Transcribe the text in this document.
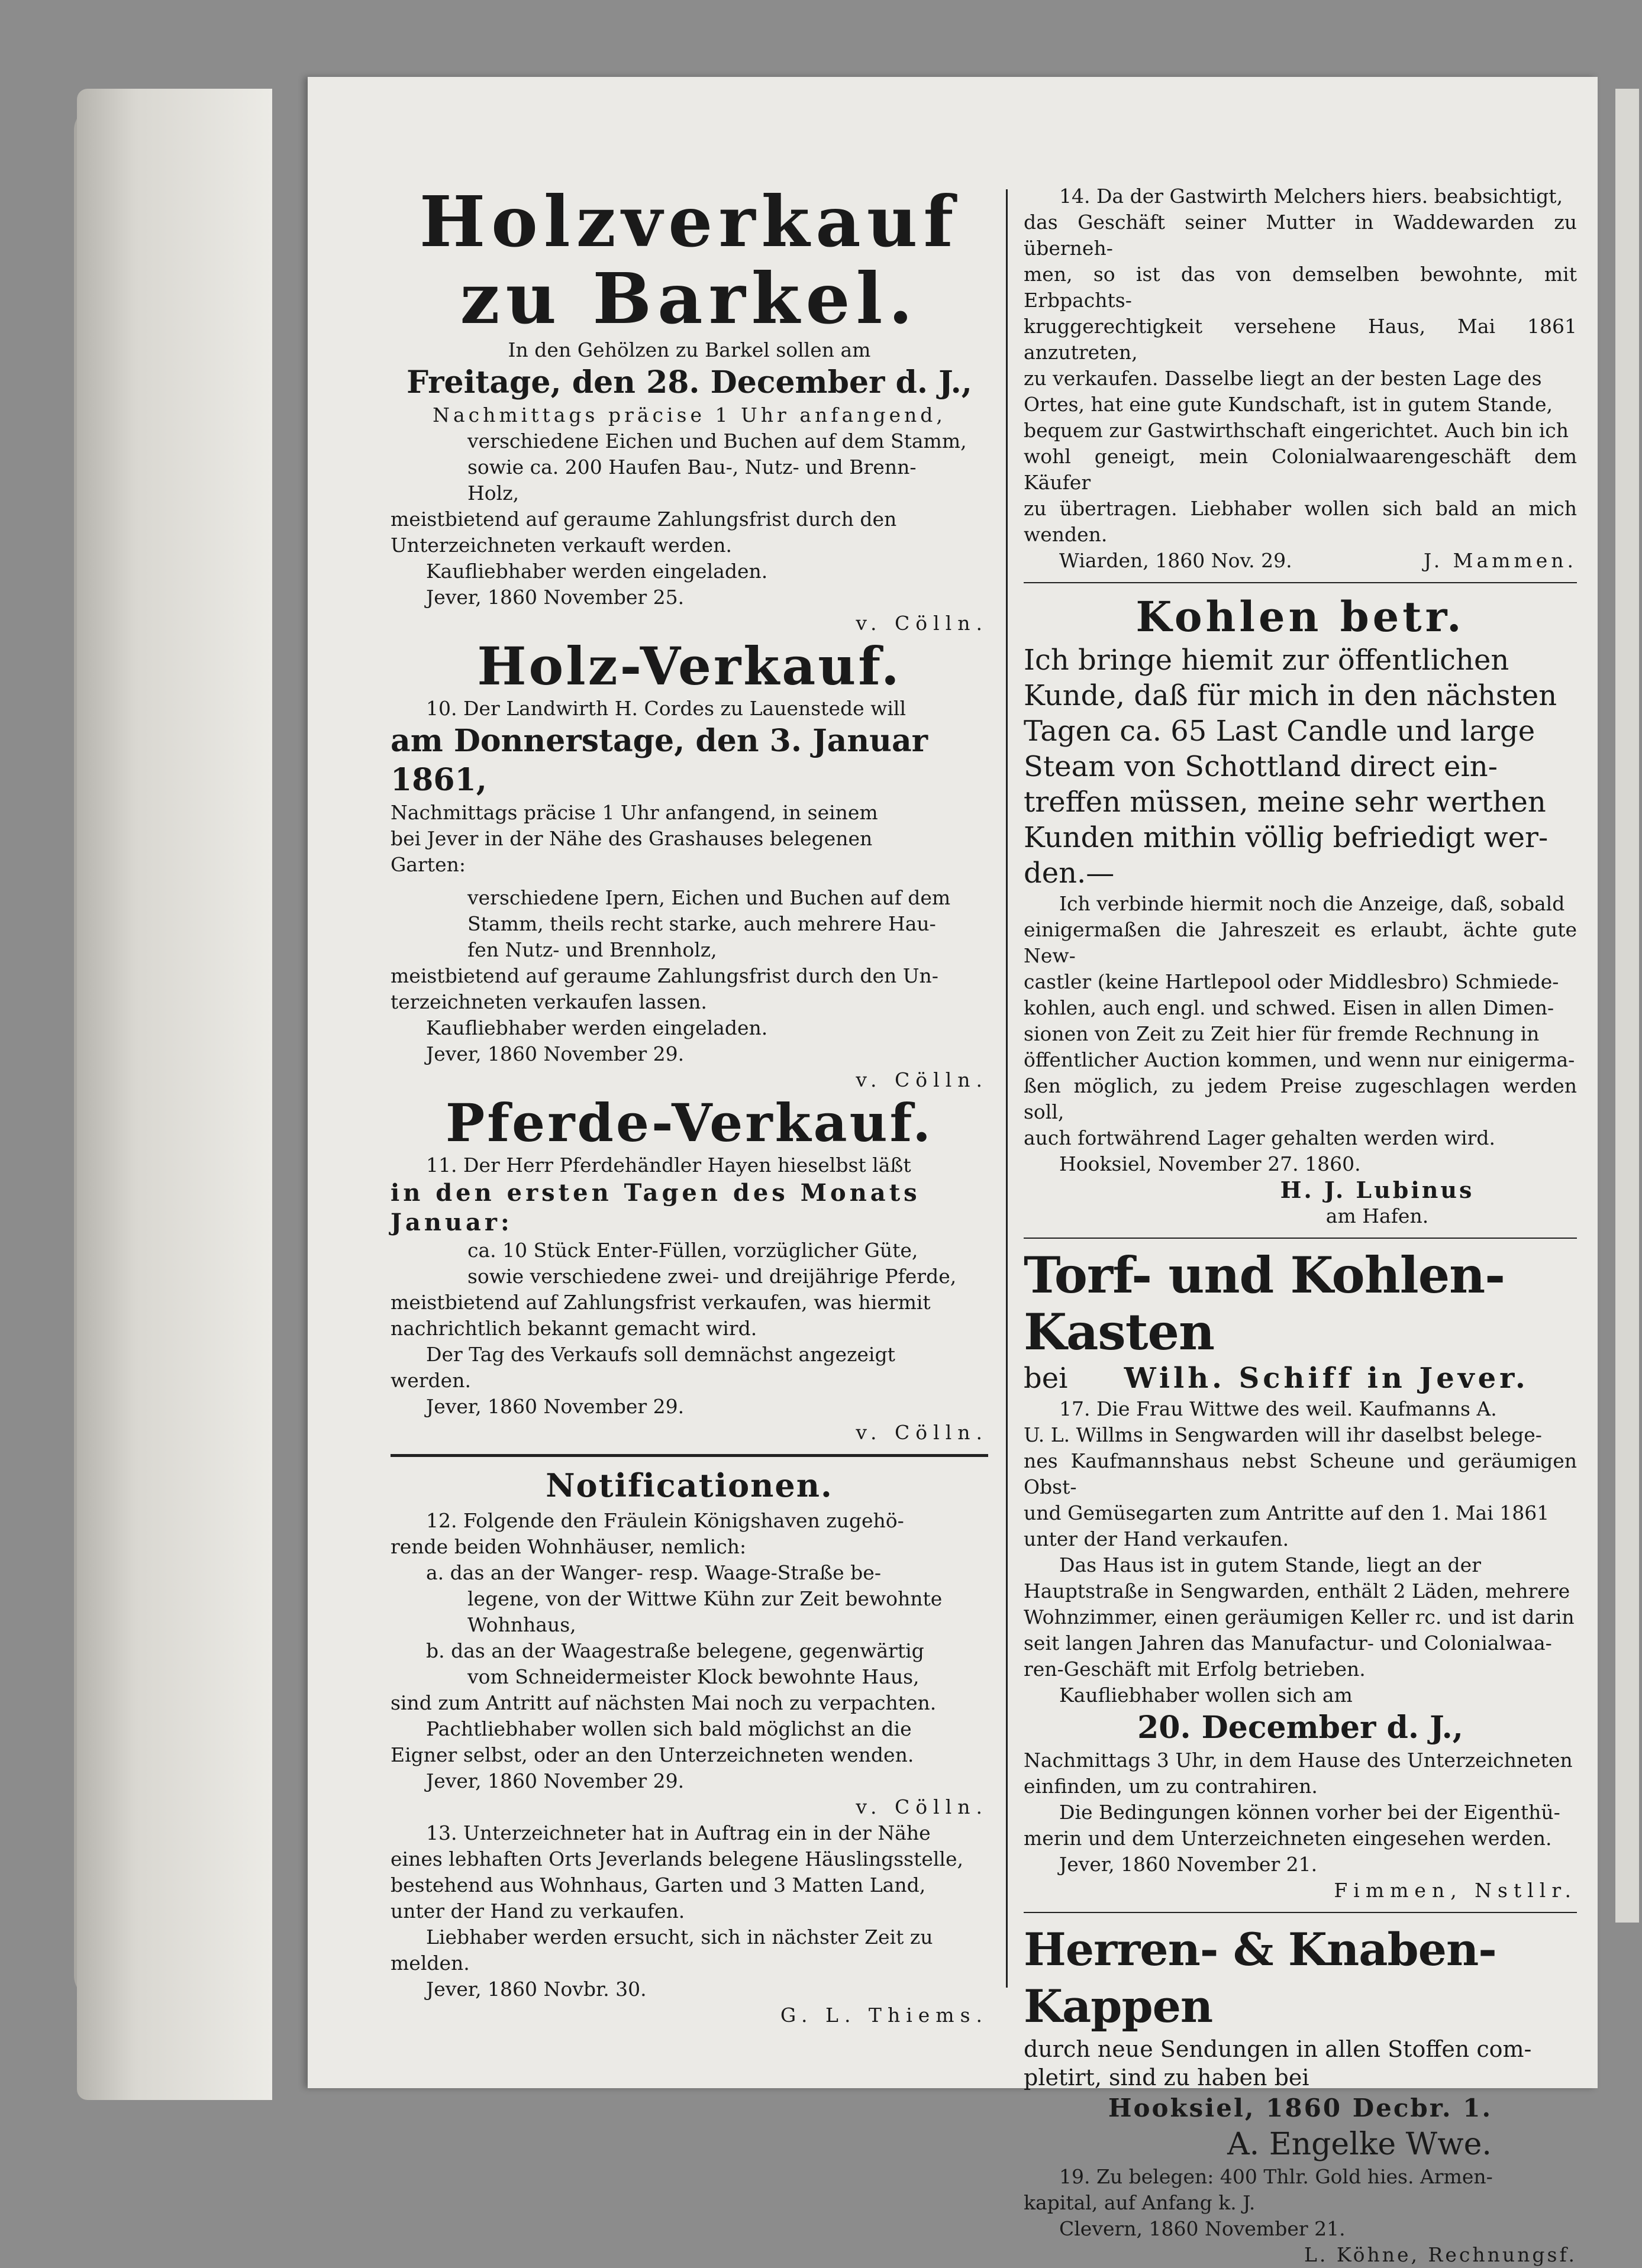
Holzverkauf

zu Barkel.

In den Gehölzen zu Barkel sollen am

Freitage, den 28. December d. J.,

Nachmittags präcise 1 Uhr anfangend,

verschiedene Eichen und Buchen auf dem Stamm,

sowie ca. 200 Haufen Bau-, Nutz- und Brenn-

Holz,

meistbietend auf geraume Zahlungsfrist durch den

Unterzeichneten verkauft werden.

Kaufliebhaber werden eingeladen.

Jever, 1860 November 25.

v. Cölln.

Holz-Verkauf.

10. Der Landwirth H. Cordes zu Lauenstede will

am Donnerstage, den 3. Januar 1861,

Nachmittags präcise 1 Uhr anfangend, in seinem

bei Jever in der Nähe des Grashauses belegenen

Garten:

verschiedene Ipern, Eichen und Buchen auf dem

Stamm, theils recht starke, auch mehrere Hau-

fen Nutz- und Brennholz,

meistbietend auf geraume Zahlungsfrist durch den Un-

terzeichneten verkaufen lassen.

Kaufliebhaber werden eingeladen.

Jever, 1860 November 29.

v. Cölln.

Pferde-Verkauf.

11. Der Herr Pferdehändler Hayen hieselbst läßt

in den ersten Tagen des Monats

Januar:

ca. 10 Stück Enter-Füllen, vorzüglicher Güte,

sowie verschiedene zwei- und dreijährige Pferde,

meistbietend auf Zahlungsfrist verkaufen, was hiermit

nachrichtlich bekannt gemacht wird.

Der Tag des Verkaufs soll demnächst angezeigt

werden.

Jever, 1860 November 29.

v. Cölln.

Notificationen.

12. Folgende den Fräulein Königshaven zugehö-

rende beiden Wohnhäuser, nemlich:

a. das an der Wanger- resp. Waage-Straße be-

legene, von der Wittwe Kühn zur Zeit bewohnte

Wohnhaus,

b. das an der Waagestraße belegene, gegenwärtig

vom Schneidermeister Klock bewohnte Haus,

sind zum Antritt auf nächsten Mai noch zu verpachten.

Pachtliebhaber wollen sich bald möglichst an die

Eigner selbst, oder an den Unterzeichneten wenden.

Jever, 1860 November 29.

v. Cölln.

13. Unterzeichneter hat in Auftrag ein in der Nähe

eines lebhaften Orts Jeverlands belegene Häuslingsstelle,

bestehend aus Wohnhaus, Garten und 3 Matten Land,

unter der Hand zu verkaufen.

Liebhaber werden ersucht, sich in nächster Zeit zu

melden.

Jever, 1860 Novbr. 30.

G. L. Thiems.

14. Da der Gastwirth Melchers hiers. beabsichtigt,

das Geschäft seiner Mutter in Waddewarden zu überneh-

men, so ist das von demselben bewohnte, mit Erbpachts-

kruggerechtigkeit versehene Haus, Mai 1861 anzutreten,

zu verkaufen. Dasselbe liegt an der besten Lage des

Ortes, hat eine gute Kundschaft, ist in gutem Stande,

bequem zur Gastwirthschaft eingerichtet. Auch bin ich

wohl geneigt, mein Colonialwaarengeschäft dem Käufer

zu übertragen. Liebhaber wollen sich bald an mich wenden.

Wiarden, 1860 Nov. 29.	J. Mammen.

Kohlen betr.

Ich bringe hiemit zur öffentlichen

Kunde, daß für mich in den nächsten

Tagen ca. 65 Last Candle und large

Steam von Schottland direct ein-

treffen müssen, meine sehr werthen

Kunden mithin völlig befriedigt wer-

den.—

Ich verbinde hiermit noch die Anzeige, daß, sobald

einigermaßen die Jahreszeit es erlaubt, ächte gute New-

castler (keine Hartlepool oder Middlesbro) Schmiede-

kohlen, auch engl. und schwed. Eisen in allen Dimen-

sionen von Zeit zu Zeit hier für fremde Rechnung in

öffentlicher Auction kommen, und wenn nur einigerma-

ßen möglich, zu jedem Preise zugeschlagen werden soll,

auch fortwährend Lager gehalten werden wird.

Hooksiel, November 27. 1860.

H. J. Lubinus

am Hafen.

Torf- und Kohlen-Kasten

bei Wilh. Schiff in Jever.

17. Die Frau Wittwe des weil. Kaufmanns A.

U. L. Willms in Sengwarden will ihr daselbst belege-

nes Kaufmannshaus nebst Scheune und geräumigen Obst-

und Gemüsegarten zum Antritte auf den 1. Mai 1861

unter der Hand verkaufen.

Das Haus ist in gutem Stande, liegt an der

Hauptstraße in Sengwarden, enthält 2 Läden, mehrere

Wohnzimmer, einen geräumigen Keller rc. und ist darin

seit langen Jahren das Manufactur- und Colonialwaa-

ren-Geschäft mit Erfolg betrieben.

Kaufliebhaber wollen sich am

20. December d. J.,

Nachmittags 3 Uhr, in dem Hause des Unterzeichneten

einfinden, um zu contrahiren.

Die Bedingungen können vorher bei der Eigenthü-

merin und dem Unterzeichneten eingesehen werden.

Jever, 1860 November 21.

Fimmen, Nstllr.

Herren- & Knaben-Kappen

durch neue Sendungen in allen Stoffen com-

pletirt, sind zu haben bei

Hooksiel, 1860 Decbr. 1.

A. Engelke Wwe.

19. Zu belegen: 400 Thlr. Gold hies. Armen-

kapital, auf Anfang k. J.

Clevern, 1860 November 21.

L. Köhne, Rechnungsf.
